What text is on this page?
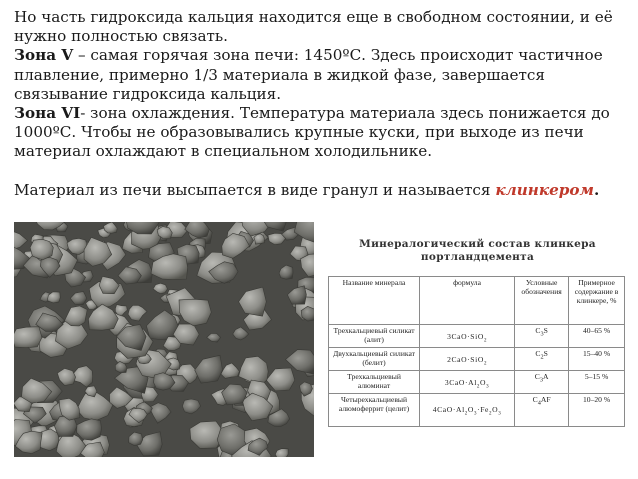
Но часть гидроксида кальция находится еще в свободном состоянии, и её нужно полностью связать.

Зона V – самая горячая зона печи: 1450ºС. Здесь происходит частичное плавление, примерно 1/3 материала в жидкой фазе, завершается связывание гидроксида кальция.

Зона VI- зона охлаждения. Температура материала здесь понижается до 1000ºС. Чтобы не образовывались крупные куски, при выходе из печи материал охлаждают в специальном холодильнике.

Материал из печи высыпается в виде гранул и называется клинкером.

Минералогический состав клинкера портландцемента
Название минерала	формула	Условные обозначения	Примерное содержание в клинкере, %
Трехкальциевый силикат (алит)	3CaO·SiO$_2$	$C_3S$	40–65 %
Двухкальциевый силикат (белит)	2CaO·SiO$_2$	$C_2S$	15–40 %
Трехкальциевый алюминат	$3CaO\cdot Al_2O_3$	$C_3A$	5–15 %
Четырехкальциевый алюмоферрит (целит)	$4CaO\cdot Al_2O_3\cdot Fe_2O_3$	$C_4AF$	10–20 %
